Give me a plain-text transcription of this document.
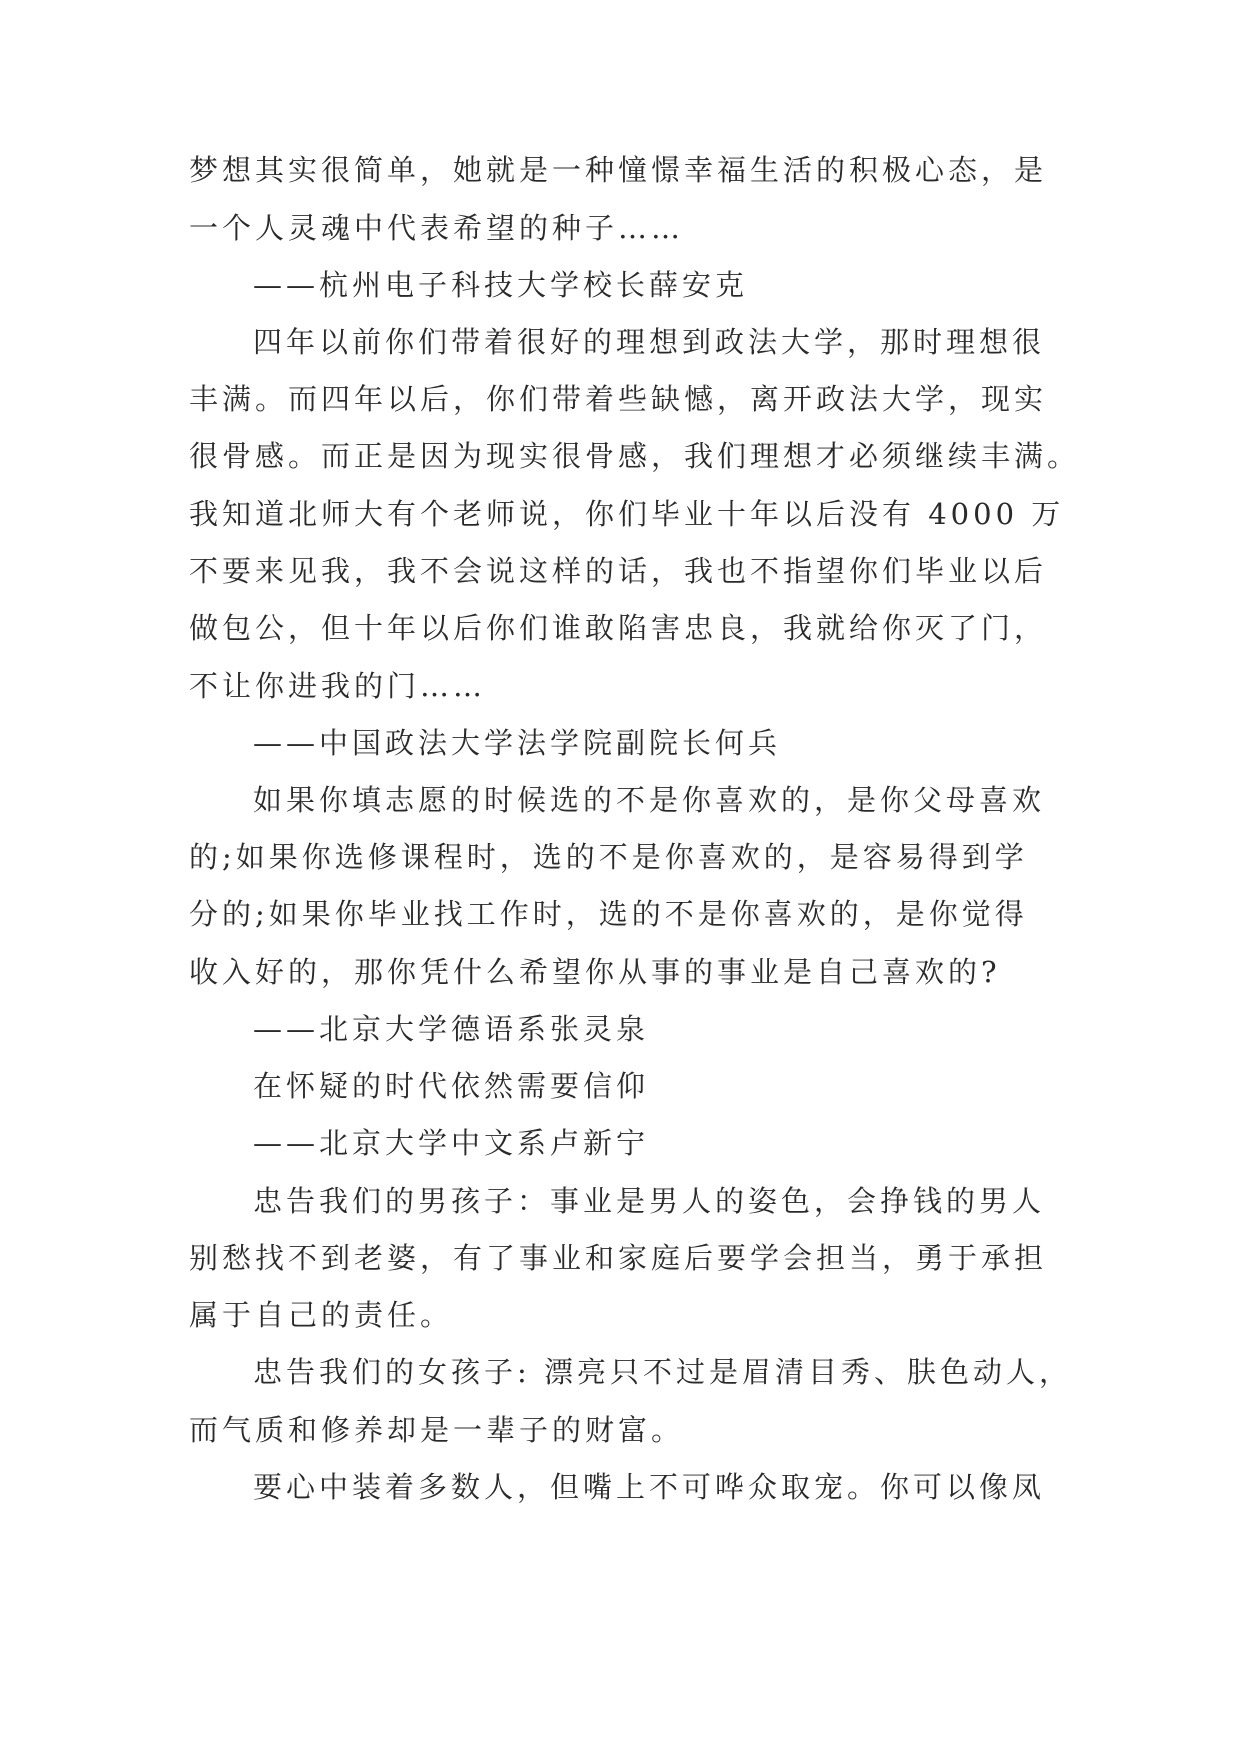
梦想其实很简单，她就是一种憧憬幸福生活的积极心态，是
一个人灵魂中代表希望的种子……
——杭州电子科技大学校长薛安克
四年以前你们带着很好的理想到政法大学，那时理想很
丰满。而四年以后，你们带着些缺憾，离开政法大学，现实
很骨感。而正是因为现实很骨感，我们理想才必须继续丰满。
我知道北师大有个老师说，你们毕业十年以后没有 4000 万
不要来见我，我不会说这样的话，我也不指望你们毕业以后
做包公，但十年以后你们谁敢陷害忠良，我就给你灭了门，
不让你进我的门……
——中国政法大学法学院副院长何兵
如果你填志愿的时候选的不是你喜欢的，是你父母喜欢
的;如果你选修课程时，选的不是你喜欢的，是容易得到学
分的;如果你毕业找工作时，选的不是你喜欢的，是你觉得
收入好的，那你凭什么希望你从事的事业是自己喜欢的?
——北京大学德语系张灵泉
在怀疑的时代依然需要信仰
——北京大学中文系卢新宁
忠告我们的男孩子：事业是男人的姿色，会挣钱的男人
别愁找不到老婆，有了事业和家庭后要学会担当，勇于承担
属于自己的责任。
忠告我们的女孩子: 漂亮只不过是眉清目秀、肤色动人，
而气质和修养却是一辈子的财富。
要心中装着多数人，但嘴上不可哗众取宠。你可以像凤
